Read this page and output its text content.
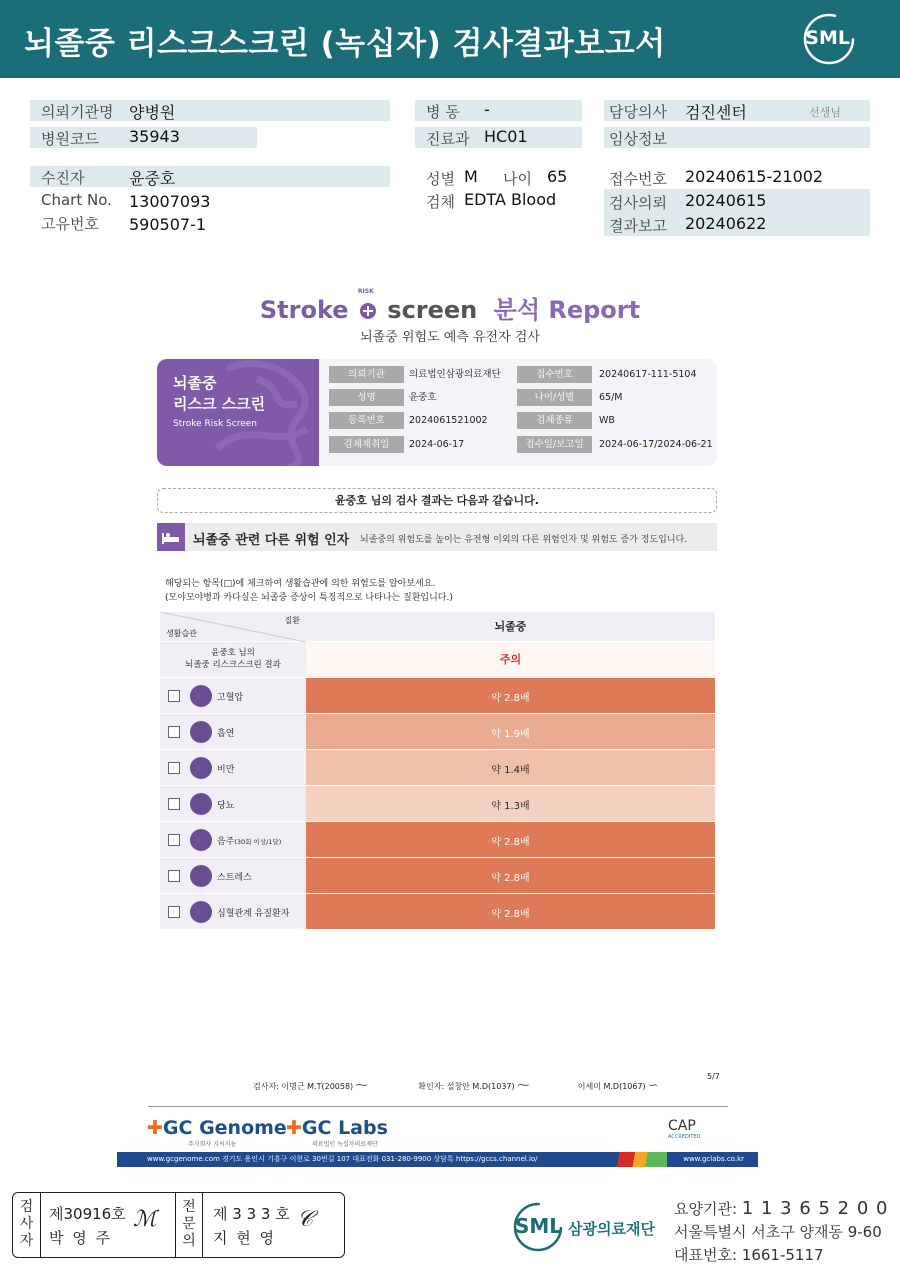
뇌졸중 리스크스크린 (녹십자) 검사결과보고서	SML
의뢰기관명 양병원
병원코드 35943
병 동 -
진료과 HC01
담당의사 검진센터	선생님
임상정보
수진자	윤중호
Chart No. 13007093
고유번호 590507-1
성별 M 나이 65
검체 EDTA Blood
접수번호 20240615-21002
검사의뢰 20240615
결과보고 20240622
Stroke
RISK
screen 분석 Report
뇌졸중 위험도 예측 유전자 검사
뇌졸중
리스크 스크린
Stroke Risk Screen
의뢰기관	의료법인삼광의료재단	접수번호	20240617-111-5104
성명	윤중호	나이/성별	65/M
등록번호	2024061521002	검체종류	WB
검체채취일	2024-06-17	접수일/보고일	2024-06-17/2024-06-21
윤중호 님의 검사 결과는 다음과 같습니다.
뇌졸중 관련 다른 위험 인자 뇌졸중의 위험도를 높이는 유전형 이외의 다른 위험인자 및 위험도 증가 정도입니다.
해당되는 항목(□)에 체크하여 생활습관에 의한 위험도를 알아보세요.
(모야모야병과 카다실은 뇌졸중 증상이 특징적으로 나타나는 질환입니다.)
질환
생활습관
뇌졸중
윤중호 님의
뇌졸중 리스크스크린 결과	주의
고혈압	약 2.8배
흡연	약 1.9배
비만	약 1.4배
당뇨	약 1.3배
음주(30회 이상/1달)	약 2.8배
스트레스	약 2.8배
심혈관계 유질환자	약 2.8배
검사자: 이명근 M.T(20058) ⁓	확인자: 설창안 M.D(1037) ⁓	이세미 M.D(1067) ∽
5/7
✚GC Genome
주식회사 지씨지놈
✚GC Labs
의료법인 녹십자의료재단
CAP
ACCREDITED
www.gcgenome.com 경기도 용인시 기흥구 이현로 30번길 107 대표전화 031-280-9900 상담톡 https://gccs.channel.io/	www.gclabs.co.kr
검사자
제30916호
박 영 주
ℳ	전문의
제 3 3 3 호
지 현 영
𝒞	SML 삼광의료재단
요양기관: 1 1 3 6 5 2 0 0
서울특별시 서초구 양재동 9-60
대표번호: 1661-5117
